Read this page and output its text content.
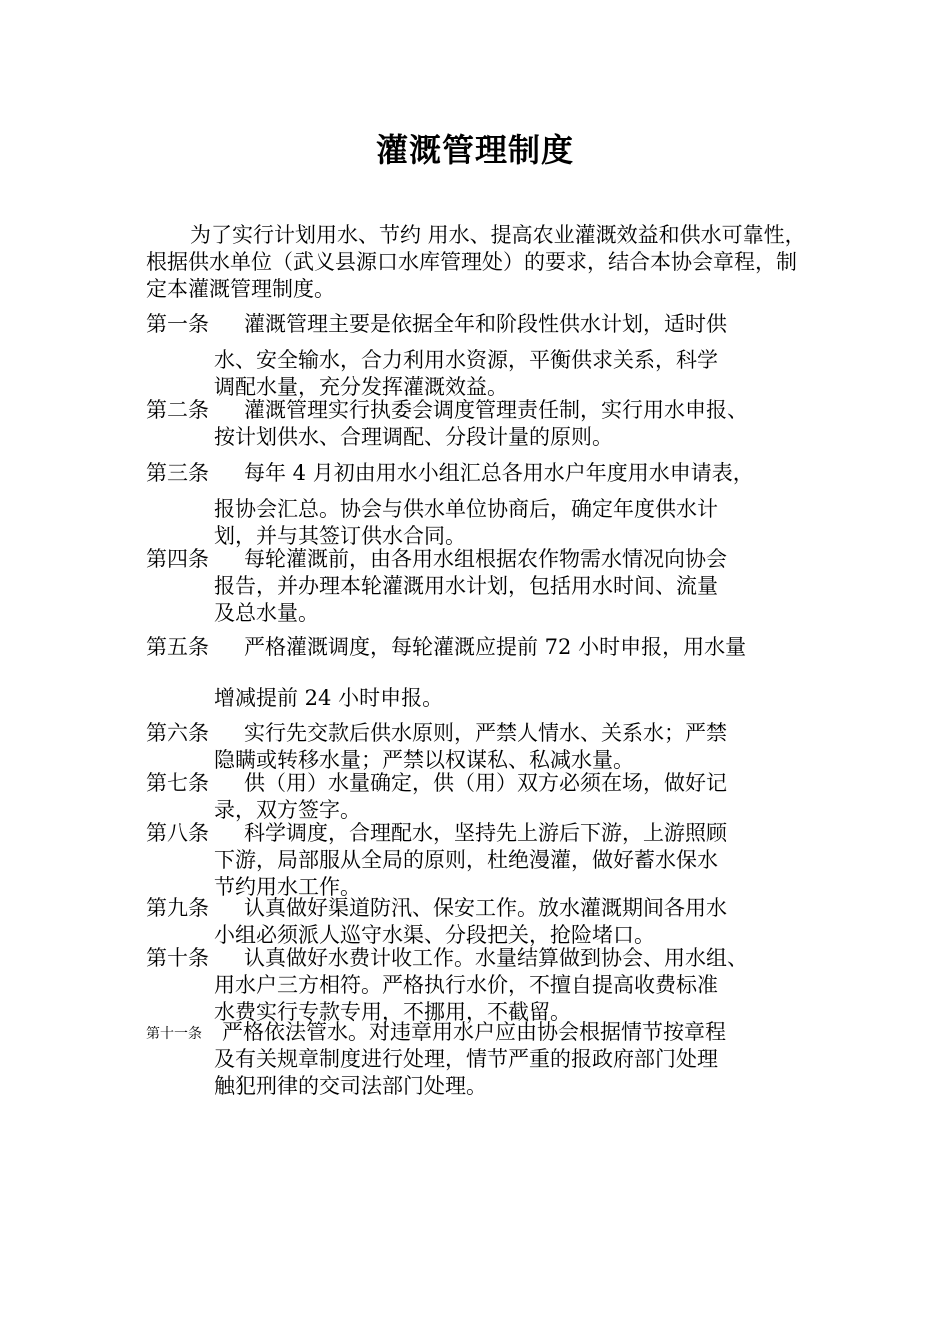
灌溉管理制度
为了实行计划用水、节约 用水、提高农业灌溉效益和供水可靠性，根据供水单位（武义县源口水库管理处）的要求，结合本协会章程，制定本灌溉管理制度。
第一条	灌溉管理主要是依据全年和阶段性供水计划，适时供
水、安全输水，合力利用水资源，平衡供求关系，科学
调配水量，充分发挥灌溉效益。
第二条	灌溉管理实行执委会调度管理责任制，实行用水申报、
按计划供水、合理调配、分段计量的原则。
第三条	每年 4 月初由用水小组汇总各用水户年度用水申请表，
报协会汇总。协会与供水单位协商后，确定年度供水计
划，并与其签订供水合同。
第四条	每轮灌溉前，由各用水组根据农作物需水情况向协会
报告，并办理本轮灌溉用水计划，包括用水时间、流量
及总水量。
第五条	严格灌溉调度，每轮灌溉应提前 72 小时申报，用水量
增减提前 24 小时申报。
第六条	实行先交款后供水原则，严禁人情水、关系水；严禁
隐瞒或转移水量；严禁以权谋私、私减水量。
第七条	供（用）水量确定，供（用）双方必须在场，做好记
录，双方签字。
第八条	科学调度，合理配水，坚持先上游后下游，上游照顾
下游，局部服从全局的原则，杜绝漫灌，做好蓄水保水
节约用水工作。
第九条	认真做好渠道防汛、保安工作。放水灌溉期间各用水
小组必须派人巡守水渠、分段把关，抢险堵口。
第十条	认真做好水费计收工作。水量结算做到协会、用水组、
用水户三方相符。严格执行水价，不擅自提高收费标准
水费实行专款专用，不挪用，不截留。
第十一条 严格依法管水。对违章用水户应由协会根据情节按章程
及有关规章制度进行处理，情节严重的报政府部门处理
触犯刑律的交司法部门处理。
